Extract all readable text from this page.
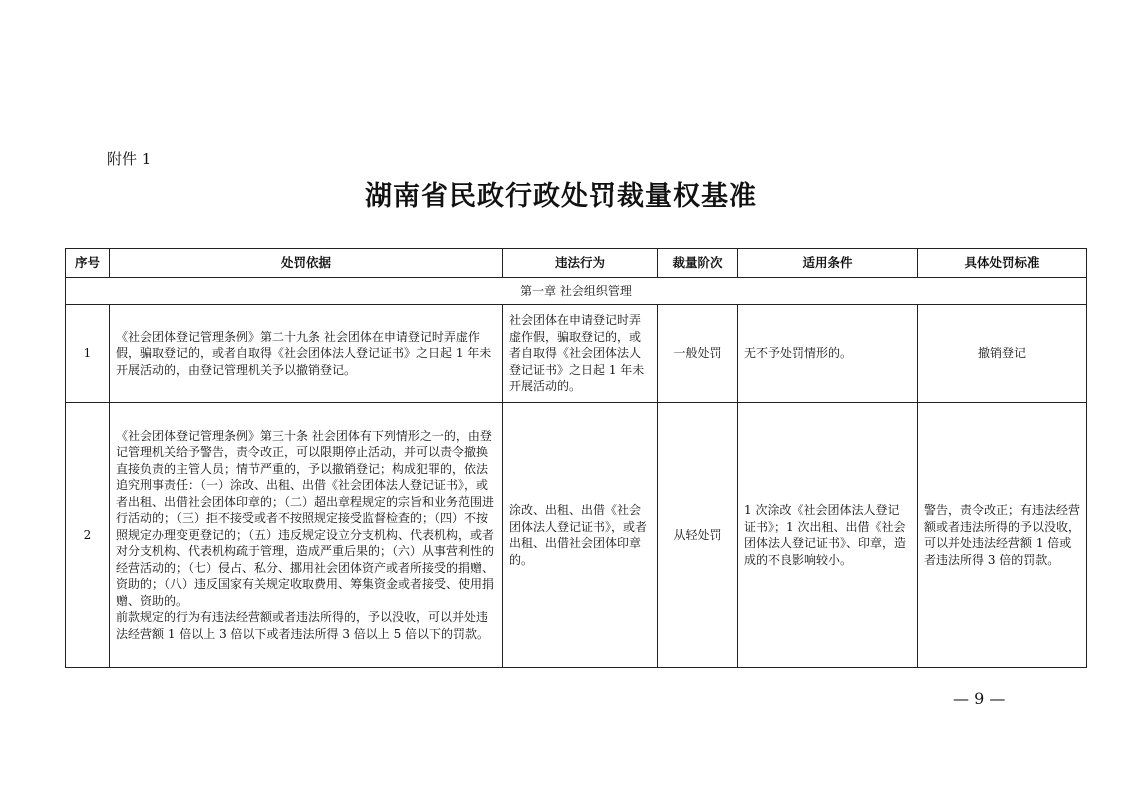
附件 1
湖南省民政行政处罚裁量权基准
序号	处罚依据	违法行为	裁量阶次	适用条件	具体处罚标准
第一章 社会组织管理					
1	《社会团体登记管理条例》第二十九条 社会团体在申请登记时弄虚作假，骗取登记的，或者自取得《社会团体法人登记证书》之日起 1 年未开展活动的，由登记管理机关予以撤销登记。	社会团体在申请登记时弄虚作假，骗取登记的，或者自取得《社会团体法人登记证书》之日起 1 年未开展活动的。	一般处罚	无不予处罚情形的。	撤销登记
2	《社会团体登记管理条例》第三十条 社会团体有下列情形之一的，由登记管理机关给予警告，责令改正，可以限期停止活动，并可以责令撤换直接负责的主管人员；情节严重的，予以撤销登记；构成犯罪的，依法追究刑事责任：（一）涂改、出租、出借《社会团体法人登记证书》，或者出租、出借社会团体印章的；（二）超出章程规定的宗旨和业务范围进行活动的；（三）拒不接受或者不按照规定接受监督检查的；（四）不按照规定办理变更登记的；（五）违反规定设立分支机构、代表机构，或者对分支机构、代表机构疏于管理，造成严重后果的；（六）从事营利性的经营活动的；（七）侵占、私分、挪用社会团体资产或者所接受的捐赠、资助的；（八）违反国家有关规定收取费用、筹集资金或者接受、使用捐赠、资助的。

前款规定的行为有违法经营额或者违法所得的，予以没收，可以并处违法经营额 1 倍以上 3 倍以下或者违法所得 3 倍以上 5 倍以下的罚款。	涂改、出租、出借《社会团体法人登记证书》，或者出租、出借社会团体印章的。	从轻处罚	1 次涂改《社会团体法人登记证书》；1 次出租、出借《社会团体法人登记证书》、印章，造成的不良影响较小。	警告，责令改正；有违法经营额或者违法所得的予以没收，可以并处违法经营额 1 倍或者违法所得 3 倍的罚款。
— 9 —
